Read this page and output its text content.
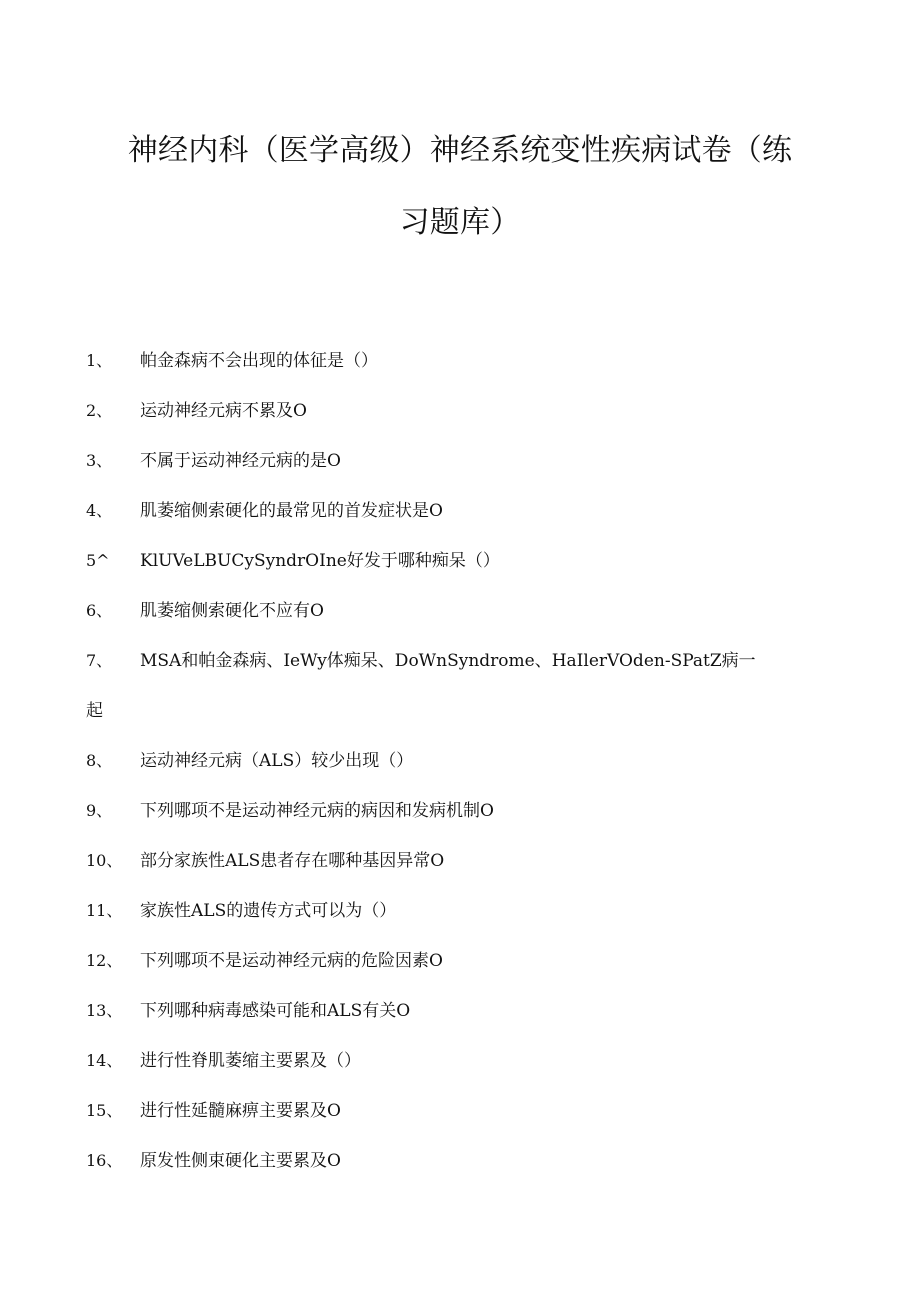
神经内科（医学高级）神经系统变性疾病试卷（练
习题库）
1、	帕金森病不会出现的体征是（）
2、	运动神经元病不累及O
3、	不属于运动神经元病的是O
4、	肌萎缩侧索硬化的最常见的首发症状是O
5^	KlUVeLBUCySyndrOIne好发于哪种痴呆（）
6、	肌萎缩侧索硬化不应有O
7、	MSA和帕金森病、IeWy体痴呆、DoWnSyndrome、HaIlerVOden-SPatZ病一
起
8、	运动神经元病（ALS）较少出现（）
9、	下列哪项不是运动神经元病的病因和发病机制O
10、	部分家族性ALS患者存在哪种基因异常O
11、	家族性ALS的遗传方式可以为（）
12、	下列哪项不是运动神经元病的危险因素O
13、	下列哪种病毒感染可能和ALS有关O
14、	进行性脊肌萎缩主要累及（）
15、	进行性延髓麻痹主要累及O
16、	原发性侧束硬化主要累及O
